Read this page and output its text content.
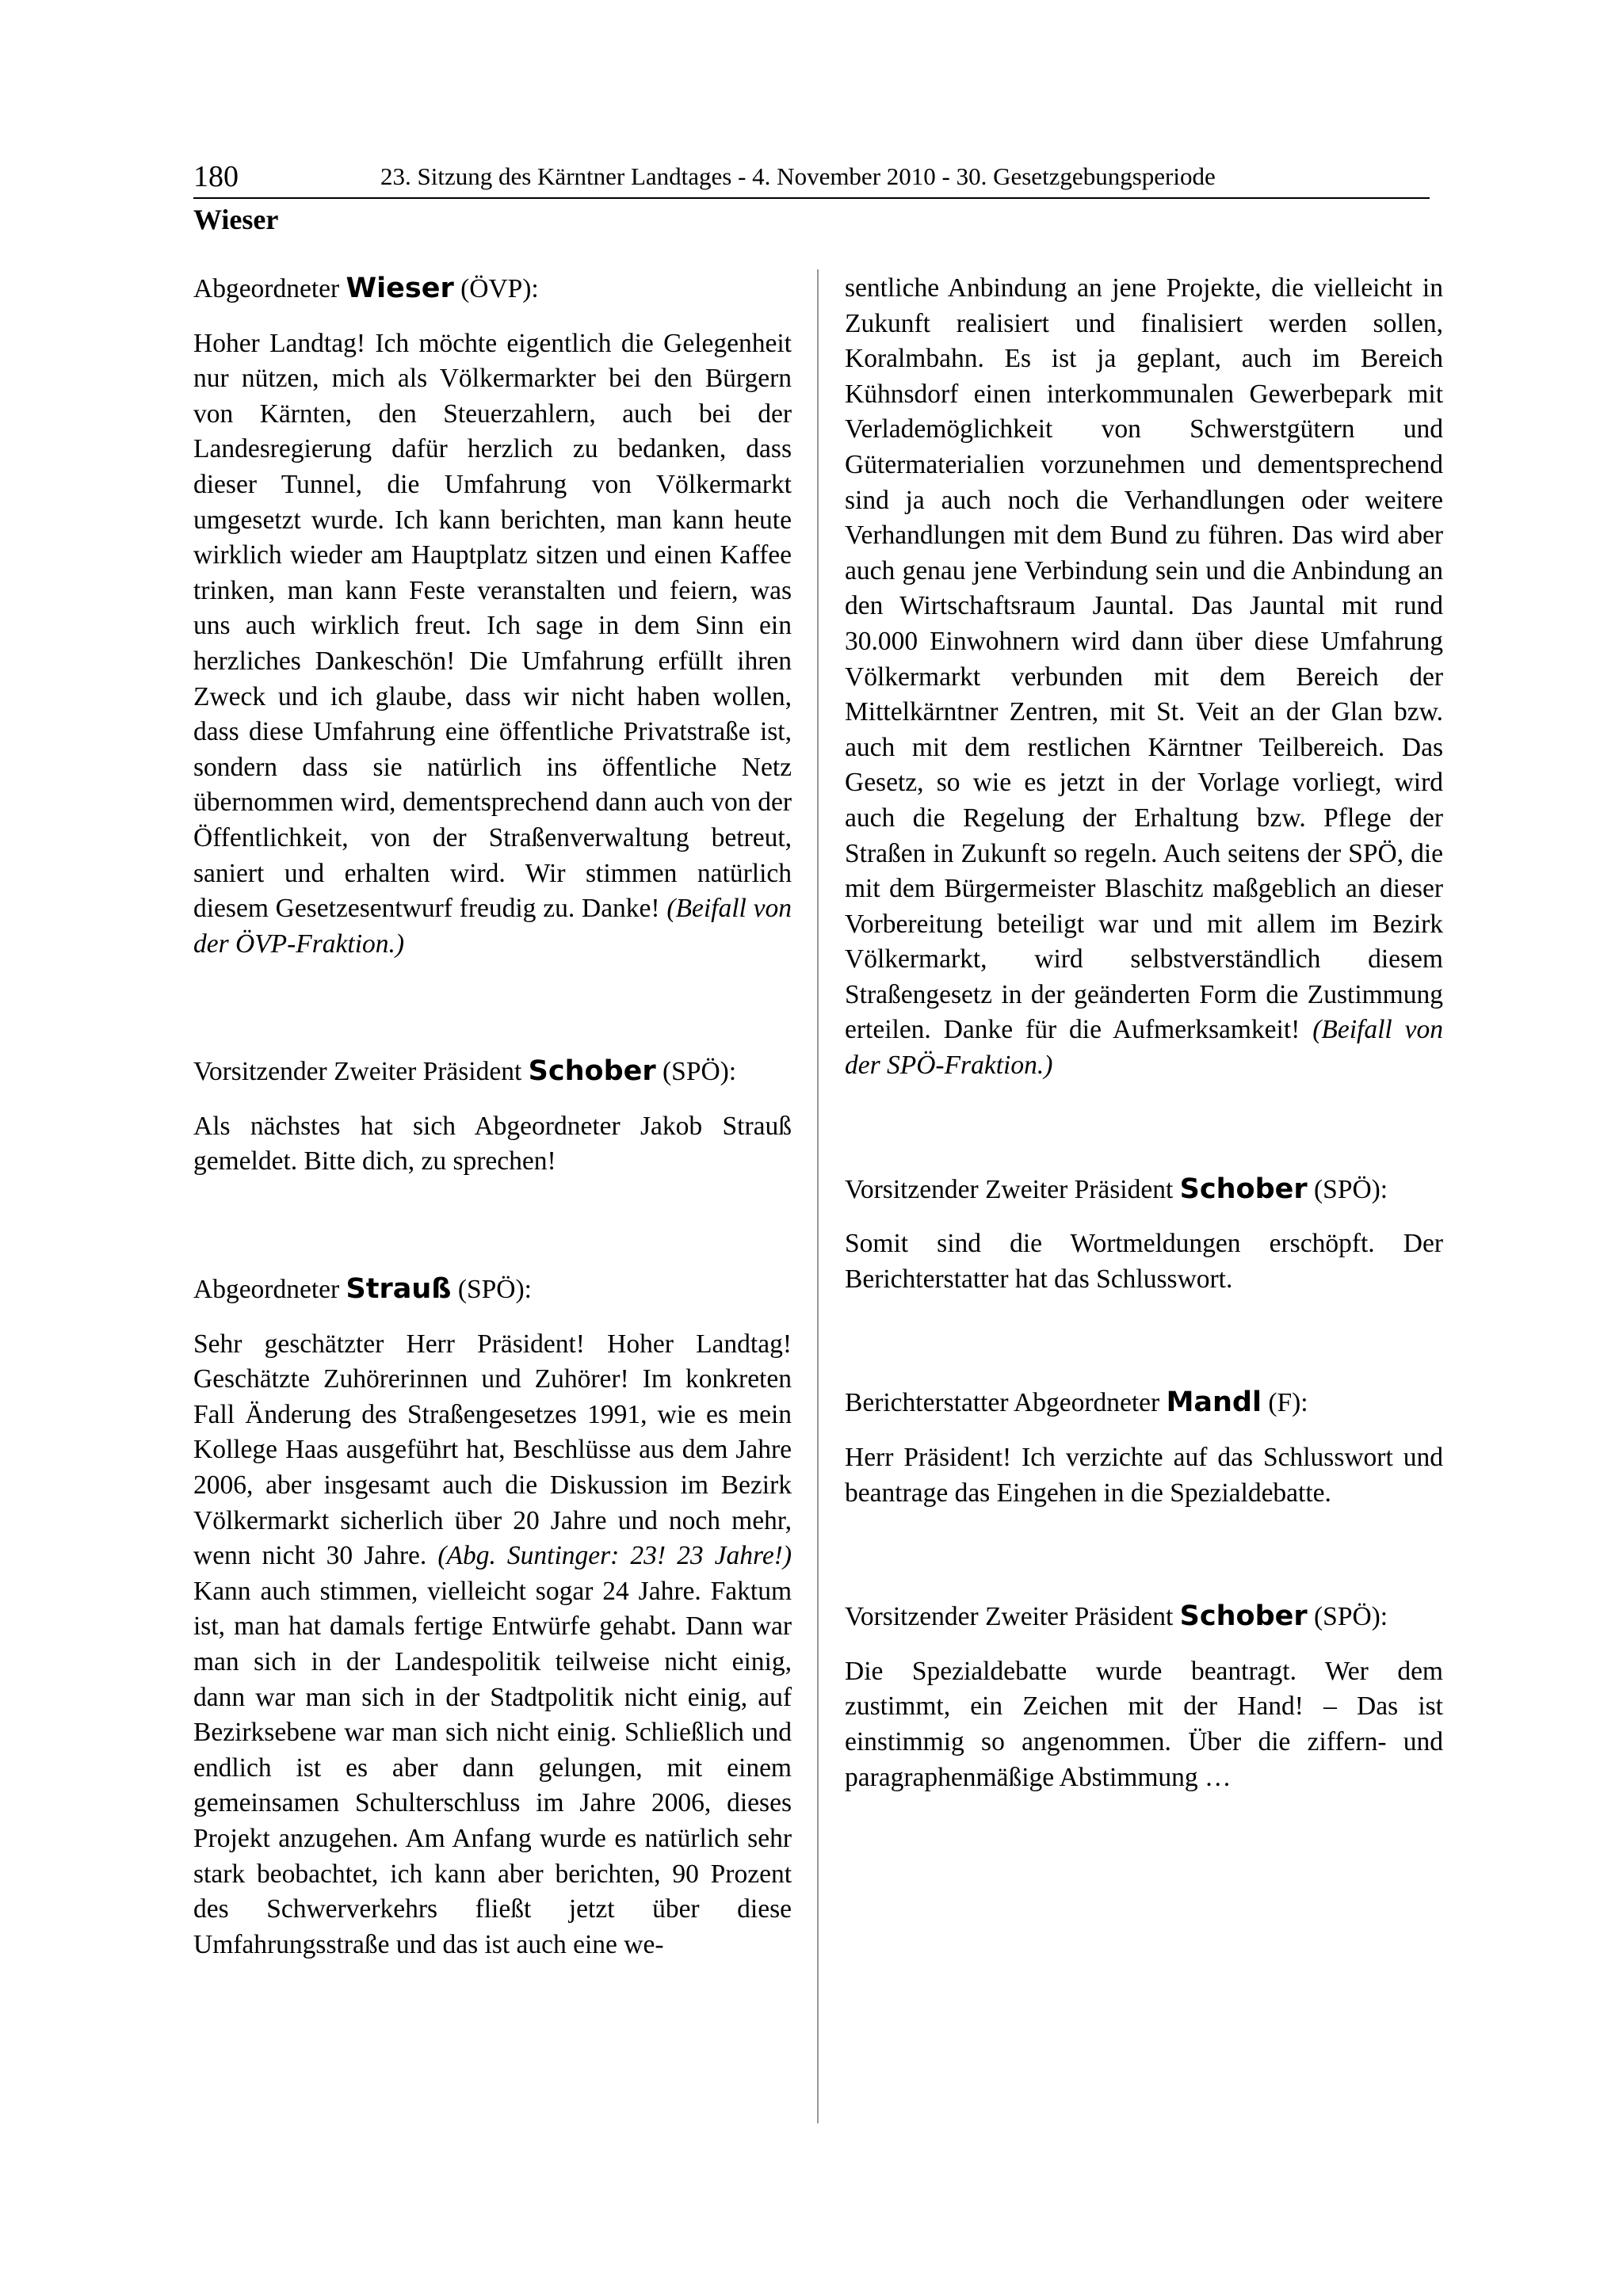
180	23. Sitzung des Kärntner Landtages - 4. November 2010 - 30. Gesetzgebungsperiode
Wieser

Abgeordneter Wieser (ÖVP):

Hoher Landtag! Ich möchte eigentlich die Gelegenheit nur nützen, mich als Völkermarkter bei den Bürgern von Kärnten, den Steuerzahlern, auch bei der Landesregierung dafür herzlich zu bedanken, dass dieser Tunnel, die Umfahrung von Völkermarkt umgesetzt wurde. Ich kann berichten, man kann heute wirklich wieder am Hauptplatz sitzen und einen Kaffee trinken, man kann Feste veranstalten und feiern, was uns auch wirklich freut. Ich sage in dem Sinn ein herzliches Dankeschön! Die Umfahrung erfüllt ihren Zweck und ich glaube, dass wir nicht haben wollen, dass diese Umfahrung eine öffentliche Privatstraße ist, sondern dass sie natürlich ins öffentliche Netz übernommen wird, dementsprechend dann auch von der Öffentlichkeit, von der Straßenverwaltung betreut, saniert und erhalten wird. Wir stimmen natürlich diesem Gesetzesentwurf freudig zu. Danke! (Beifall von der ÖVP-Fraktion.)

Vorsitzender Zweiter Präsident Schober (SPÖ):

Als nächstes hat sich Abgeordneter Jakob Strauß gemeldet. Bitte dich, zu sprechen!

Abgeordneter Strauß (SPÖ):

Sehr geschätzter Herr Präsident! Hoher Landtag! Geschätzte Zuhörerinnen und Zuhörer! Im konkreten Fall Änderung des Straßengesetzes 1991, wie es mein Kollege Haas ausgeführt hat, Beschlüsse aus dem Jahre 2006, aber insgesamt auch die Diskussion im Bezirk Völkermarkt sicherlich über 20 Jahre und noch mehr, wenn nicht 30 Jahre. (Abg. Suntinger: 23! 23 Jahre!) Kann auch stimmen, vielleicht sogar 24 Jahre. Faktum ist, man hat damals fertige Entwürfe gehabt. Dann war man sich in der Landespolitik teilweise nicht einig, dann war man sich in der Stadtpolitik nicht einig, auf Bezirksebene war man sich nicht einig. Schließlich und endlich ist es aber dann gelungen, mit einem gemeinsamen Schulterschluss im Jahre 2006, dieses Projekt anzugehen. Am Anfang wurde es natürlich sehr stark beobachtet, ich kann aber berichten, 90 Prozent des Schwerverkehrs fließt jetzt über diese Umfahrungsstraße und das ist auch eine we-

sentliche Anbindung an jene Projekte, die vielleicht in Zukunft realisiert und finalisiert werden sollen, Koralmbahn. Es ist ja geplant, auch im Bereich Kühnsdorf einen interkommunalen Gewerbepark mit Verlademöglichkeit von Schwerstgütern und Gütermaterialien vorzunehmen und dementsprechend sind ja auch noch die Verhandlungen oder weitere Verhandlungen mit dem Bund zu führen. Das wird aber auch genau jene Verbindung sein und die Anbindung an den Wirtschaftsraum Jauntal. Das Jauntal mit rund 30.000 Einwohnern wird dann über diese Umfahrung Völkermarkt verbunden mit dem Bereich der Mittelkärntner Zentren, mit St. Veit an der Glan bzw. auch mit dem restlichen Kärntner Teilbereich. Das Gesetz, so wie es jetzt in der Vorlage vorliegt, wird auch die Regelung der Erhaltung bzw. Pflege der Straßen in Zukunft so regeln. Auch seitens der SPÖ, die mit dem Bürgermeister Blaschitz maßgeblich an dieser Vorbereitung beteiligt war und mit allem im Bezirk Völkermarkt, wird selbstverständlich diesem Straßengesetz in der geänderten Form die Zustimmung erteilen. Danke für die Aufmerksamkeit! (Beifall von der SPÖ-Fraktion.)

Vorsitzender Zweiter Präsident Schober (SPÖ):

Somit sind die Wortmeldungen erschöpft. Der Berichterstatter hat das Schlusswort.

Berichterstatter Abgeordneter Mandl (F):

Herr Präsident! Ich verzichte auf das Schlusswort und beantrage das Eingehen in die Spezialdebatte.

Vorsitzender Zweiter Präsident Schober (SPÖ):

Die Spezialdebatte wurde beantragt. Wer dem zustimmt, ein Zeichen mit der Hand! – Das ist einstimmig so angenommen. Über die ziffern- und paragraphenmäßige Abstimmung …
